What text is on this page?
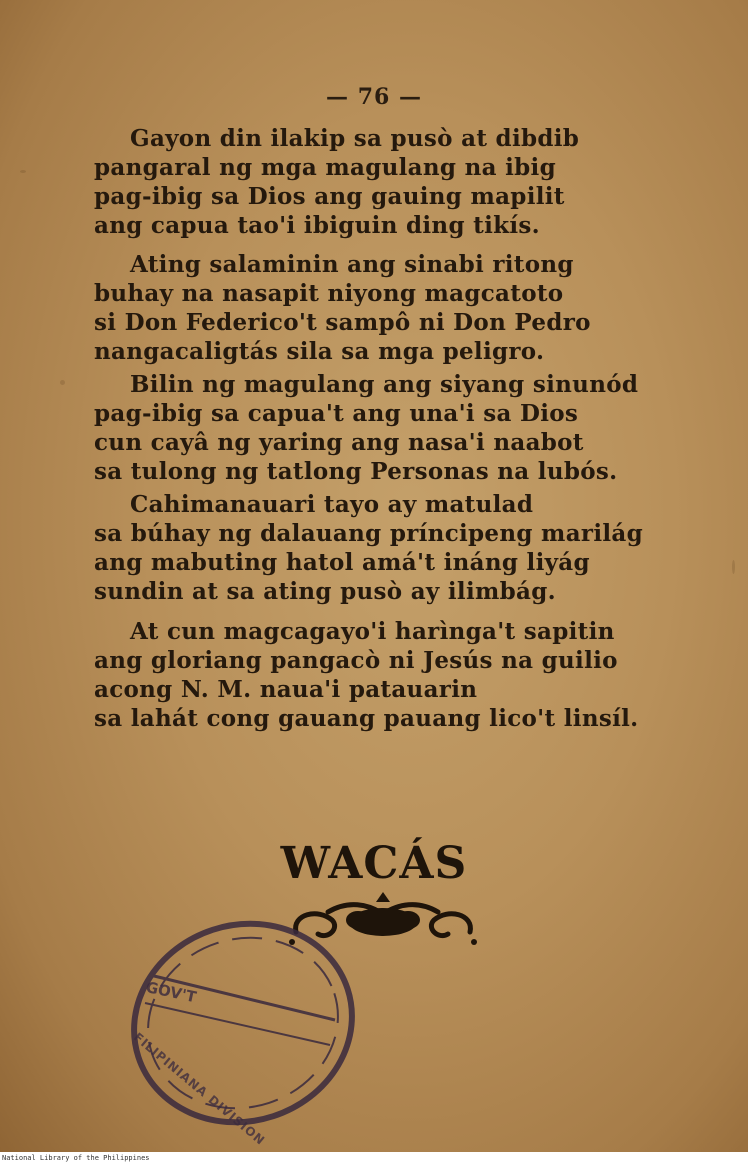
— 76 —
Gayon din ilakip sa pusò at dibdib
pangaral ng mga magulang na ibig
pag-ibig sa Dios ang gauing mapilit
ang capua tao'i ibiguin ding tikís.
Ating salaminin ang sinabi ritong
buhay na nasapit niyong magcatoto
si Don Federico't sampô ni Don Pedro
nangacaligtás sila sa mga peligro.
Bilin ng magulang ang siyang sinunód
pag-ibig sa capua't ang una'i sa Dios
cun cayâ ng yaring ang nasa'i naabot
sa tulong ng tatlong Personas na lubós.
Cahimanauari tayo ay matulad
sa búhay ng dalauang príncipeng marilág
ang mabuting hatol amá't ináng liyág
sundin at sa ating pusò ay ilimbág.
At cun magcagayo'i harìnga't sapitin
ang gloriang pangacò ni Jesús na guilio
acong N. M. naua'i patauarin
sa lahát cong gauang pauang lico't linsíl.
WACÁS
GOV'T
FILIPINIANA DIVISION
National Library of the Philippines
